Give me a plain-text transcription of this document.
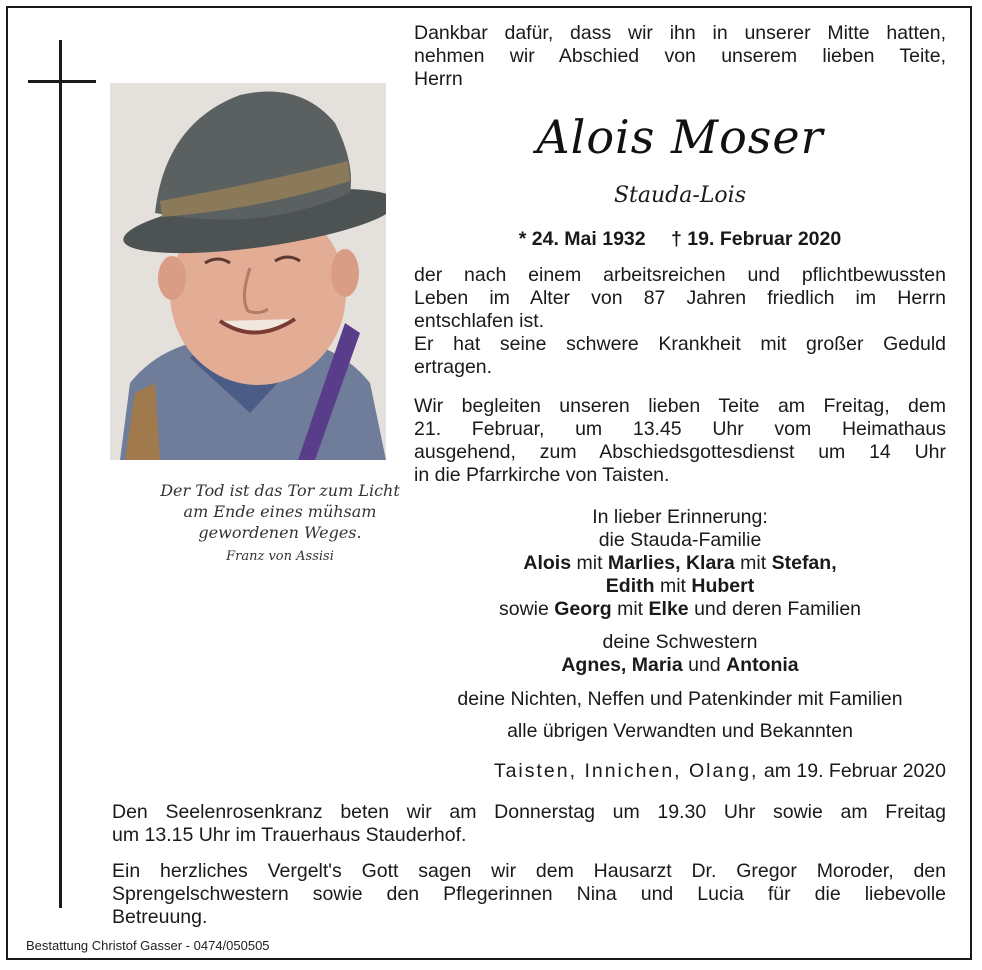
Der Tod ist das Tor zum Licht
am Ende eines mühsam
gewordenen Weges.
Franz von Assisi
Dankbar dafür, dass wir ihn in unserer Mitte hatten,
nehmen wir Abschied von unserem lieben Teite,
Herrn
Alois Moser
Stauda-Lois
* 24. Mai 1932 † 19. Februar 2020
der nach einem arbeitsreichen und pflichtbewussten
Leben im Alter von 87 Jahren friedlich im Herrn
entschlafen ist.
Er hat seine schwere Krankheit mit großer Geduld
ertragen.
Wir begleiten unseren lieben Teite am Freitag, dem
21. Februar, um 13.45 Uhr vom Heimathaus
ausgehend, zum Abschiedsgottesdienst um 14 Uhr
in die Pfarrkirche von Taisten.
In lieber Erinnerung:
die Stauda-Familie
Alois mit Marlies, Klara mit Stefan,
Edith mit Hubert
sowie Georg mit Elke und deren Familien
deine Schwestern
Agnes, Maria und Antonia
deine Nichten, Neffen und Patenkinder mit Familien
alle übrigen Verwandten und Bekannten
Taisten, Innichen, Olang, am 19. Februar 2020
Den Seelenrosenkranz beten wir am Donnerstag um 19.30 Uhr sowie am Freitag
um 13.15 Uhr im Trauerhaus Stauderhof.
Ein herzliches Vergelt's Gott sagen wir dem Hausarzt Dr. Gregor Moroder, den
Sprengelschwestern sowie den Pflegerinnen Nina und Lucia für die liebevolle
Betreuung.
Bestattung Christof Gasser - 0474/050505
